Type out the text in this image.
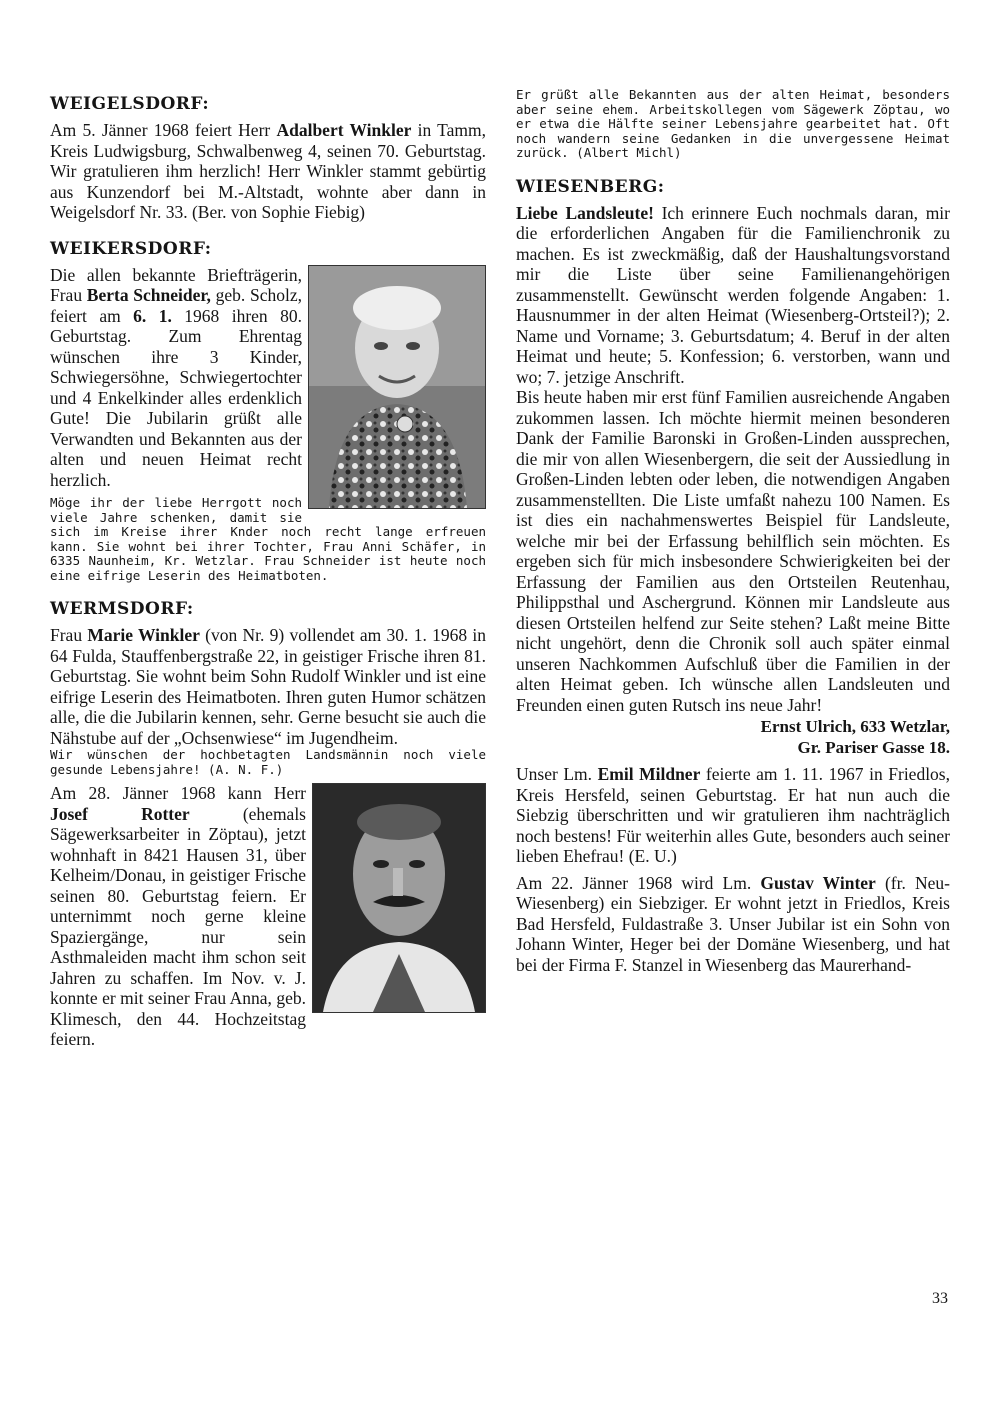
WEIGELSDORF:

Am 5. Jänner 1968 feiert Herr Adalbert Winkler in Tamm, Kreis Ludwigsburg, Schwalbenweg 4, seinen 70. Geburtstag. Wir gratulieren ihm herzlich! Herr Winkler stammt gebürtig aus Kunzendorf bei M.-Altstadt, wohnte aber dann in Weigelsdorf Nr. 33. (Ber. von Sophie Fiebig)

WEIKERSDORF:

Die allen bekannte Briefträgerin, Frau Berta Schneider, geb. Scholz, feiert am 6. 1. 1968 ihren 80. Geburtstag. Zum Ehrentag wünschen ihre 3 Kinder, Schwiegersöhne, Schwiegertochter und 4 Enkelkinder alles erdenklich Gute! Die Jubilarin grüßt alle Verwandten und Bekannten aus der alten und neuen Heimat recht herzlich.

Möge ihr der liebe Herrgott noch viele Jahre schenken, damit sie sich im Kreise ihrer Knder noch recht lange erfreuen kann. Sie wohnt bei ihrer Tochter, Frau Anni Schäfer, in 6335 Naunheim, Kr. Wetzlar. Frau Schneider ist heute noch eine eifrige Leserin des Heimatboten.

WERMSDORF:

Frau Marie Winkler (von Nr. 9) vollendet am 30. 1. 1968 in 64 Fulda, Stauffenbergstraße 22, in geistiger Frische ihren 81. Geburtstag. Sie wohnt beim Sohn Rudolf Winkler und ist eine eifrige Leserin des Heimatboten. Ihren guten Humor schätzen alle, die die Jubilarin kennen, sehr. Gerne besucht sie auch die Nähstube auf der „Ochsenwiese“ im Jugendheim.

Wir wünschen der hochbetagten Landsmännin noch viele gesunde Lebensjahre! (A. N. F.)

Am 28. Jänner 1968 kann Herr Josef Rotter (ehemals Sägewerksarbeiter in Zöptau), jetzt wohnhaft in 8421 Hausen 31, über Kelheim/Donau, in geistiger Frische seinen 80. Geburtstag feiern. Er unternimmt noch gerne kleine Spaziergänge, nur sein Asthmaleiden macht ihm schon seit Jahren zu schaffen. Im Nov. v. J. konnte er mit seiner Frau Anna, geb. Klimesch, den 44. Hochzeitstag feiern.

Er grüßt alle Bekannten aus der alten Heimat, besonders aber seine ehem. Arbeitskollegen vom Sägewerk Zöptau, wo er etwa die Hälfte seiner Lebensjahre gearbeitet hat. Oft noch wandern seine Gedanken in die unvergessene Heimat zurück. (Albert Michl)

WIESENBERG:

Liebe Landsleute! Ich erinnere Euch nochmals daran, mir die erforderlichen Angaben für die Familienchronik zu machen. Es ist zweckmäßig, daß der Haushaltungsvorstand mir die Liste über seine Familienangehörigen zusammenstellt. Gewünscht werden folgende Angaben: 1. Hausnummer in der alten Heimat (Wiesenberg-Ortsteil?); 2. Name und Vorname; 3. Geburtsdatum; 4. Beruf in der alten Heimat und heute; 5. Konfession; 6. verstorben, wann und wo; 7. jetzige Anschrift.

Bis heute haben mir erst fünf Familien ausreichende Angaben zukommen lassen. Ich möchte hiermit meinen besonderen Dank der Familie Baronski in Großen-Linden aussprechen, die mir von allen Wiesenbergern, die seit der Aussiedlung in Großen-Linden lebten oder leben, die notwendigen Angaben zusammenstellten. Die Liste umfaßt nahezu 100 Namen. Es ist dies ein nachahmenswertes Beispiel für Landsleute, welche mir bei der Erfassung behilflich sein möchten. Es ergeben sich für mich insbesondere Schwierigkeiten bei der Erfassung der Familien aus den Ortsteilen Reutenhau, Philippsthal und Aschergrund. Können mir Landsleute aus diesen Ortsteilen helfend zur Seite stehen? Laßt meine Bitte nicht ungehört, denn die Chronik soll auch später einmal unseren Nachkommen Aufschluß über die Familien in der alten Heimat geben. Ich wünsche allen Landsleuten und Freunden einen guten Rutsch ins neue Jahr!

Ernst Ulrich, 633 Wetzlar,
Gr. Pariser Gasse 18.

Unser Lm. Emil Mildner feierte am 1. 11. 1967 in Friedlos, Kreis Hersfeld, seinen Geburtstag. Er hat nun auch die Siebzig überschritten und wir gratulieren ihm nachträglich noch bestens! Für weiterhin alles Gute, besonders auch seiner lieben Ehefrau! (E. U.)

Am 22. Jänner 1968 wird Lm. Gustav Winter (fr. Neu-Wiesenberg) ein Siebziger. Er wohnt jetzt in Friedlos, Kreis Bad Hersfeld, Fuldastraße 3. Unser Jubilar ist ein Sohn von Johann Winter, Heger bei der Domäne Wiesenberg, und hat bei der Firma F. Stanzel in Wiesenberg das Maurerhand-

33
